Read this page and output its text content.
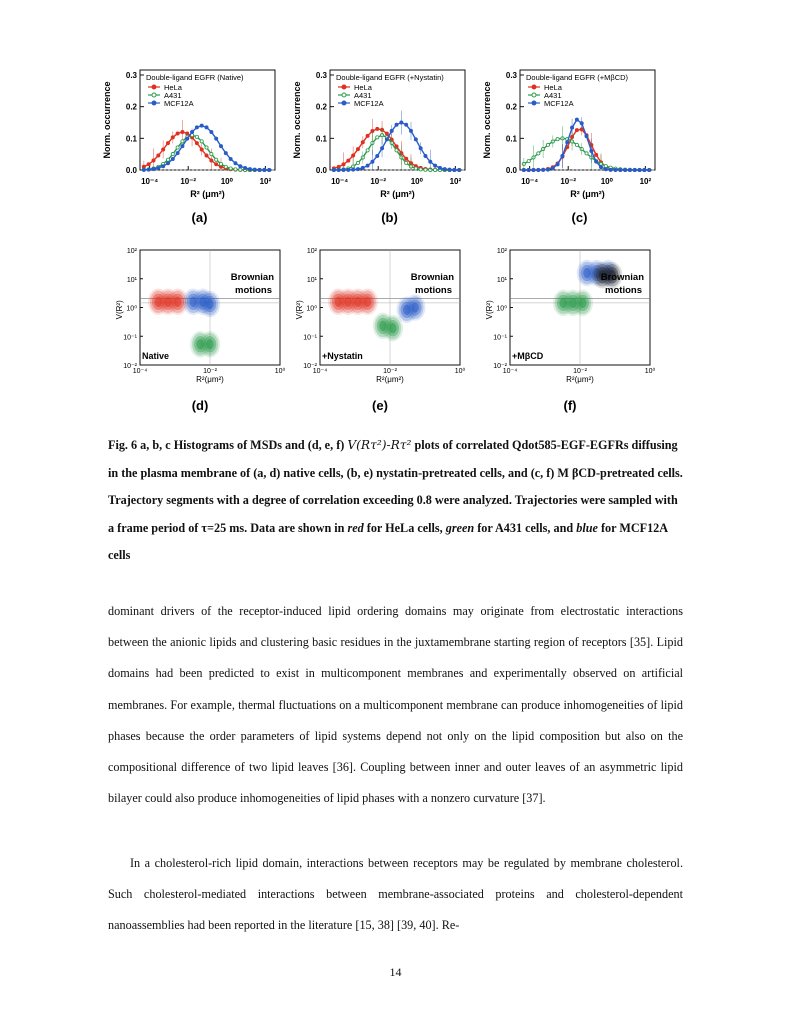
0.0
0.1
0.2
0.3
10⁻⁴	10⁻²	10⁰	10²
Norm. occurrence
R² (μm²)
Double-ligand EGFR (Native)
HeLa
A431
MCF12A
(a)
0.0
0.1
0.2
0.3
10⁻⁴	10⁻²	10⁰	10²
Norm. occurrence
R² (μm²)
Double-ligand EGFR (+Nystatin)
HeLa
A431
MCF12A
(b)
0.0
0.1
0.2
0.3
10⁻⁴	10⁻²	10⁰	10²
Norm. occurrence
R² (μm²)
Double-ligand EGFR (+MβCD)
HeLa
A431
MCF12A
(c)
10²
10¹
10⁰
10⁻¹
10⁻²
10⁻⁴	10⁻²	10⁰
V(R²)
R²(μm²)
Brownian
motions
Native
(d)
10²
10¹
10⁰
10⁻¹
10⁻²
10⁻⁴	10⁻²	10⁰
V(R²)
R²(μm²)
Brownian
motions
+Nystatin
(e)
10²
10¹
10⁰
10⁻¹
10⁻²
10⁻⁴	10⁻²	10⁰
V(R²)
R²(μm²)
Brownian
motions
+MβCD
(f)
Fig. 6 a, b, c Histograms of MSDs and (d, e, f) V(Rτ²)-Rτ² plots of correlated Qdot585-EGF-EGFRs diffusing in the plasma membrane of (a, d) native cells, (b, e) nystatin-pretreated cells, and (c, f) M βCD-pretreated cells. Trajectory segments with a degree of correlation exceeding 0.8 were analyzed. Trajectories were sampled with a frame period of τ=25 ms. Data are shown in red for HeLa cells, green for A431 cells, and blue for MCF12A cells
dominant drivers of the receptor-induced lipid ordering domains may originate from electrostatic interactions between the anionic lipids and clustering basic residues in the juxtamembrane starting region of receptors [35]. Lipid domains had been predicted to exist in multicomponent membranes and experimentally observed on artificial membranes. For example, thermal fluctuations on a multicomponent membrane can produce inhomogeneities of lipid phases because the order parameters of lipid systems depend not only on the lipid composition but also on the compositional difference of two lipid leaves [36]. Coupling between inner and outer leaves of an asymmetric lipid bilayer could also produce inhomogeneities of lipid phases with a nonzero curvature [37].
In a cholesterol-rich lipid domain, interactions between receptors may be regulated by membrane cholesterol. Such cholesterol-mediated interactions between membrane-associated proteins and cholesterol-dependent nanoassemblies had been reported in the literature [15, 38] [39, 40]. Re-
14
